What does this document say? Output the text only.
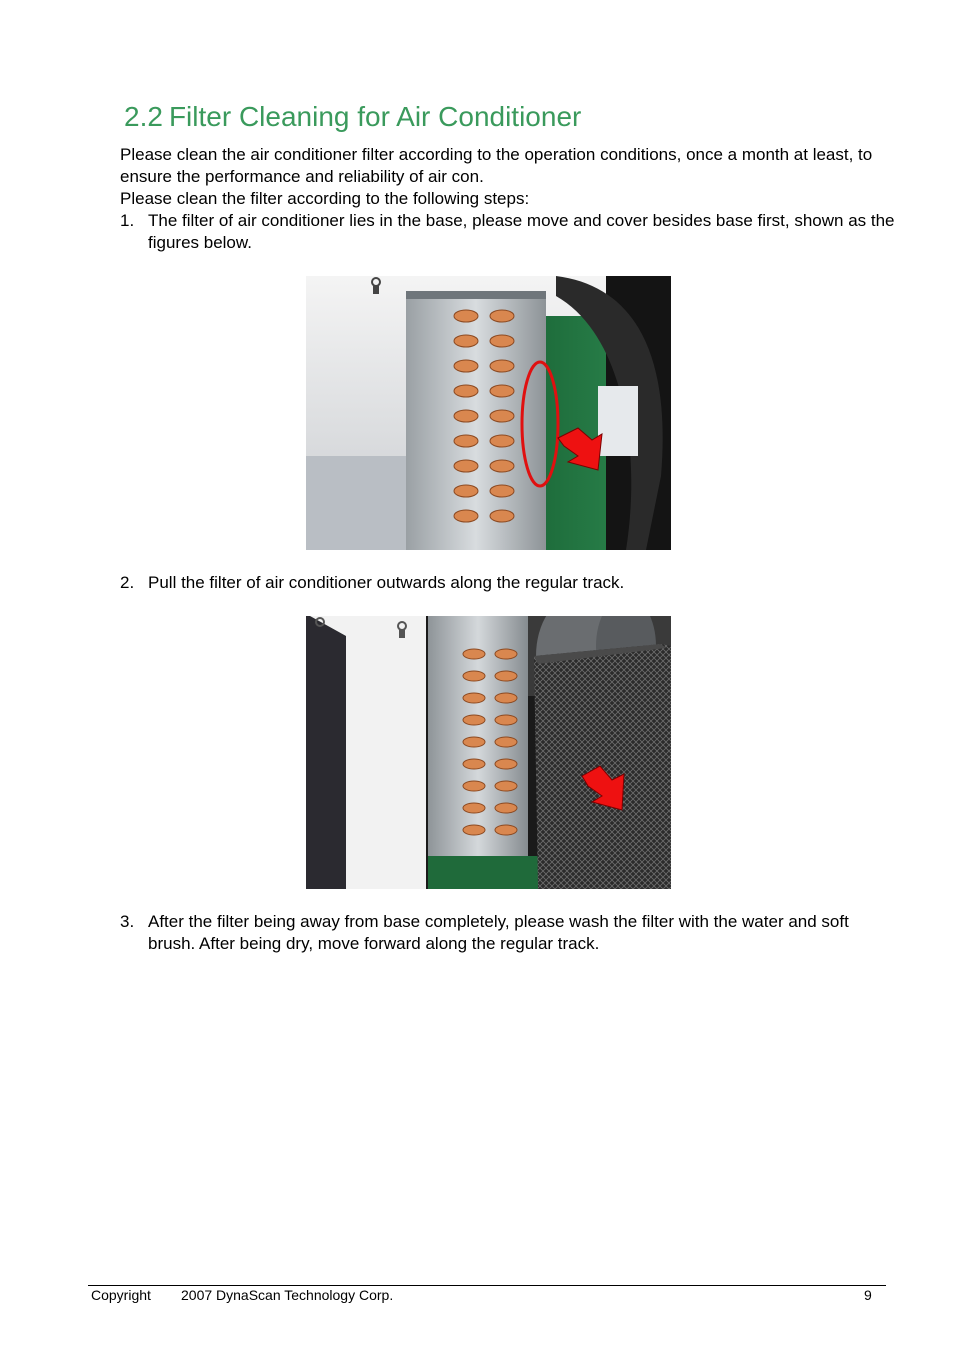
2.2 Filter Cleaning for Air Conditioner

Please clean the air conditioner filter according to the operation conditions, once a month at least, to ensure the performance and reliability of air con.

Please clean the filter according to the following steps:

1. The filter of air conditioner lies in the base, please move and cover besides base first, shown as the figures below.
2. Pull the filter of air conditioner outwards along the regular track.
3. After the filter being away from base completely, please wash the filter with the water and soft brush. After being dry, move forward along the regular track.
Copyright 2007 DynaScan Technology Corp.	9
